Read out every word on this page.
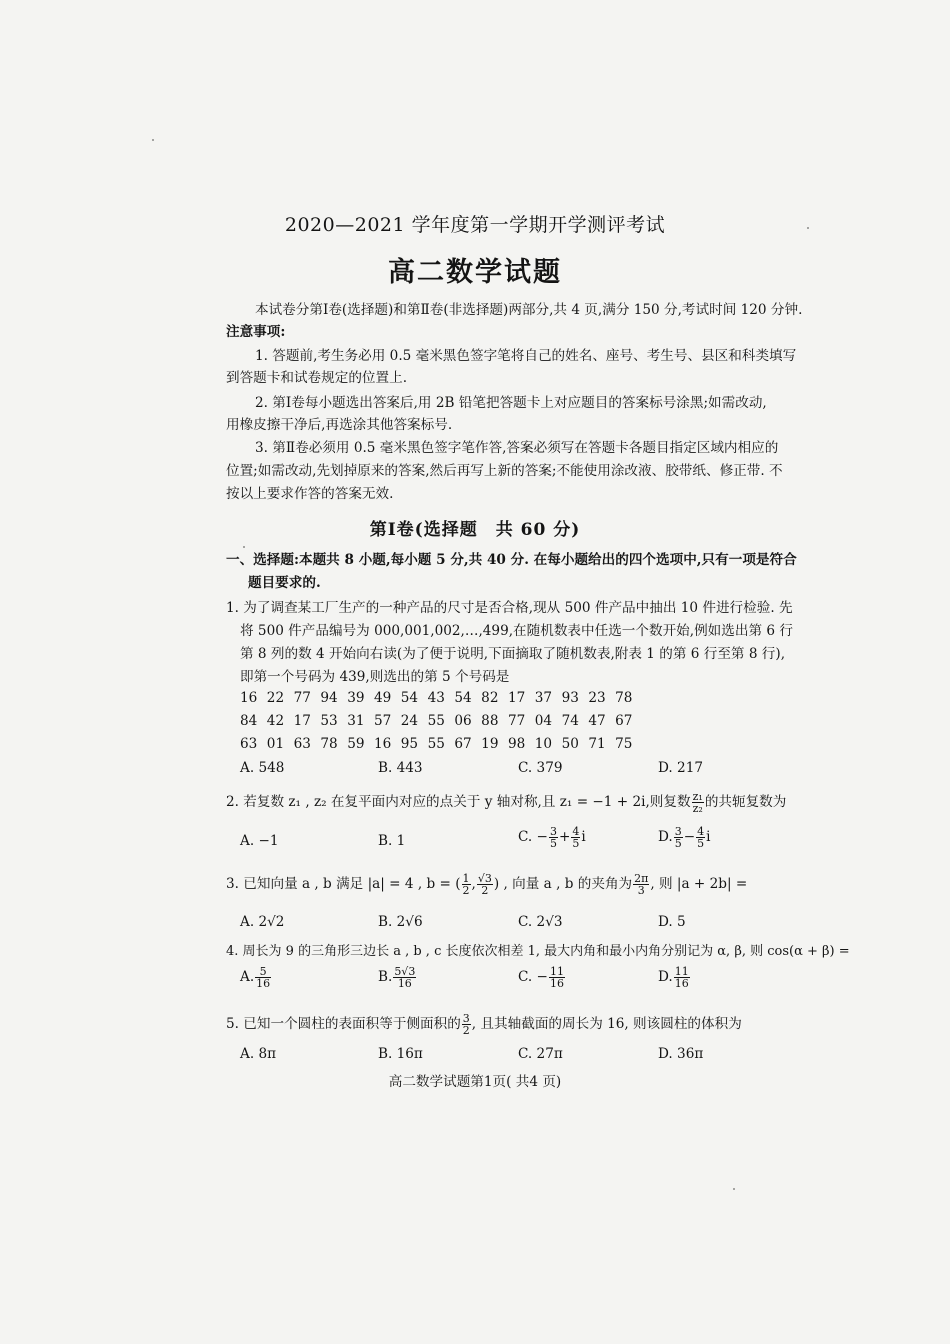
2020—2021 学年度第一学期开学测评考试
高二数学试题
本试卷分第Ⅰ卷(选择题)和第Ⅱ卷(非选择题)两部分,共 4 页,满分 150 分,考试时间 120 分钟.
注意事项:
1. 答题前,考生务必用 0.5 毫米黑色签字笔将自己的姓名、座号、考生号、县区和科类填写
到答题卡和试卷规定的位置上.
2. 第Ⅰ卷每小题选出答案后,用 2B 铅笔把答题卡上对应题目的答案标号涂黑;如需改动,
用橡皮擦干净后,再选涂其他答案标号.
3. 第Ⅱ卷必须用 0.5 毫米黑色签字笔作答,答案必须写在答题卡各题目指定区域内相应的
位置;如需改动,先划掉原来的答案,然后再写上新的答案;不能使用涂改液、胶带纸、修正带. 不
按以上要求作答的答案无效.
第Ⅰ卷(选择题　共 60 分)
一、选择题:本题共 8 小题,每小题 5 分,共 40 分. 在每小题给出的四个选项中,只有一项是符合
题目要求的.
1. 为了调查某工厂生产的一种产品的尺寸是否合格,现从 500 件产品中抽出 10 件进行检验. 先
将 500 件产品编号为 000,001,002,…,499,在随机数表中任选一个数开始,例如选出第 6 行
第 8 列的数 4 开始向右读(为了便于说明,下面摘取了随机数表,附表 1 的第 6 行至第 8 行),
即第一个号码为 439,则选出的第 5 个号码是
16 22 77 94 39 49 54 43 54 82 17 37 93 23 78
84 42 17 53 31 57 24 55 06 88 77 04 74 47 67
63 01 63 78 59 16 95 55 67 19 98 10 50 71 75
A. 548	B. 443	C. 379	D. 217
2. 若复数 z₁ , z₂ 在复平面内对应的点关于 y 轴对称,且 z₁ = −1 + 2i,则复数 $\frac{\text{z₁}}{\text{z₂}}$ 的共轭复数为
A. −1	B. 1	C. − $\frac{3}{5} + \frac{4}{5}$ i	D. $\frac{3}{5} - \frac{4}{5}$ i
3. 已知向量 a , b 满足 |a| = 4 , b = ( $\frac{1}{2}$ , $\frac{√3}{2}$ ) , 向量 a , b 的夹角为 $\frac{2\pi}{3}$ , 则 |a + 2b| =
A. 2√2	B. 2√6	C. 2√3	D. 5
4. 周长为 9 的三角形三边长 a , b , c 长度依次相差 1, 最大内角和最小内角分别记为 α, β, 则 cos(α + β) =
A. $\frac{5}{16}$	B. $\frac{5√3}{16}$	C. − $\frac{11}{16}$	D. $\frac{11}{16}$
5. 已知一个圆柱的表面积等于侧面积的 $\frac{3}{2}$ , 且其轴截面的周长为 16, 则该圆柱的体积为
A. 8π	B. 16π	C. 27π	D. 36π
高二数学试题第1页( 共4 页)
